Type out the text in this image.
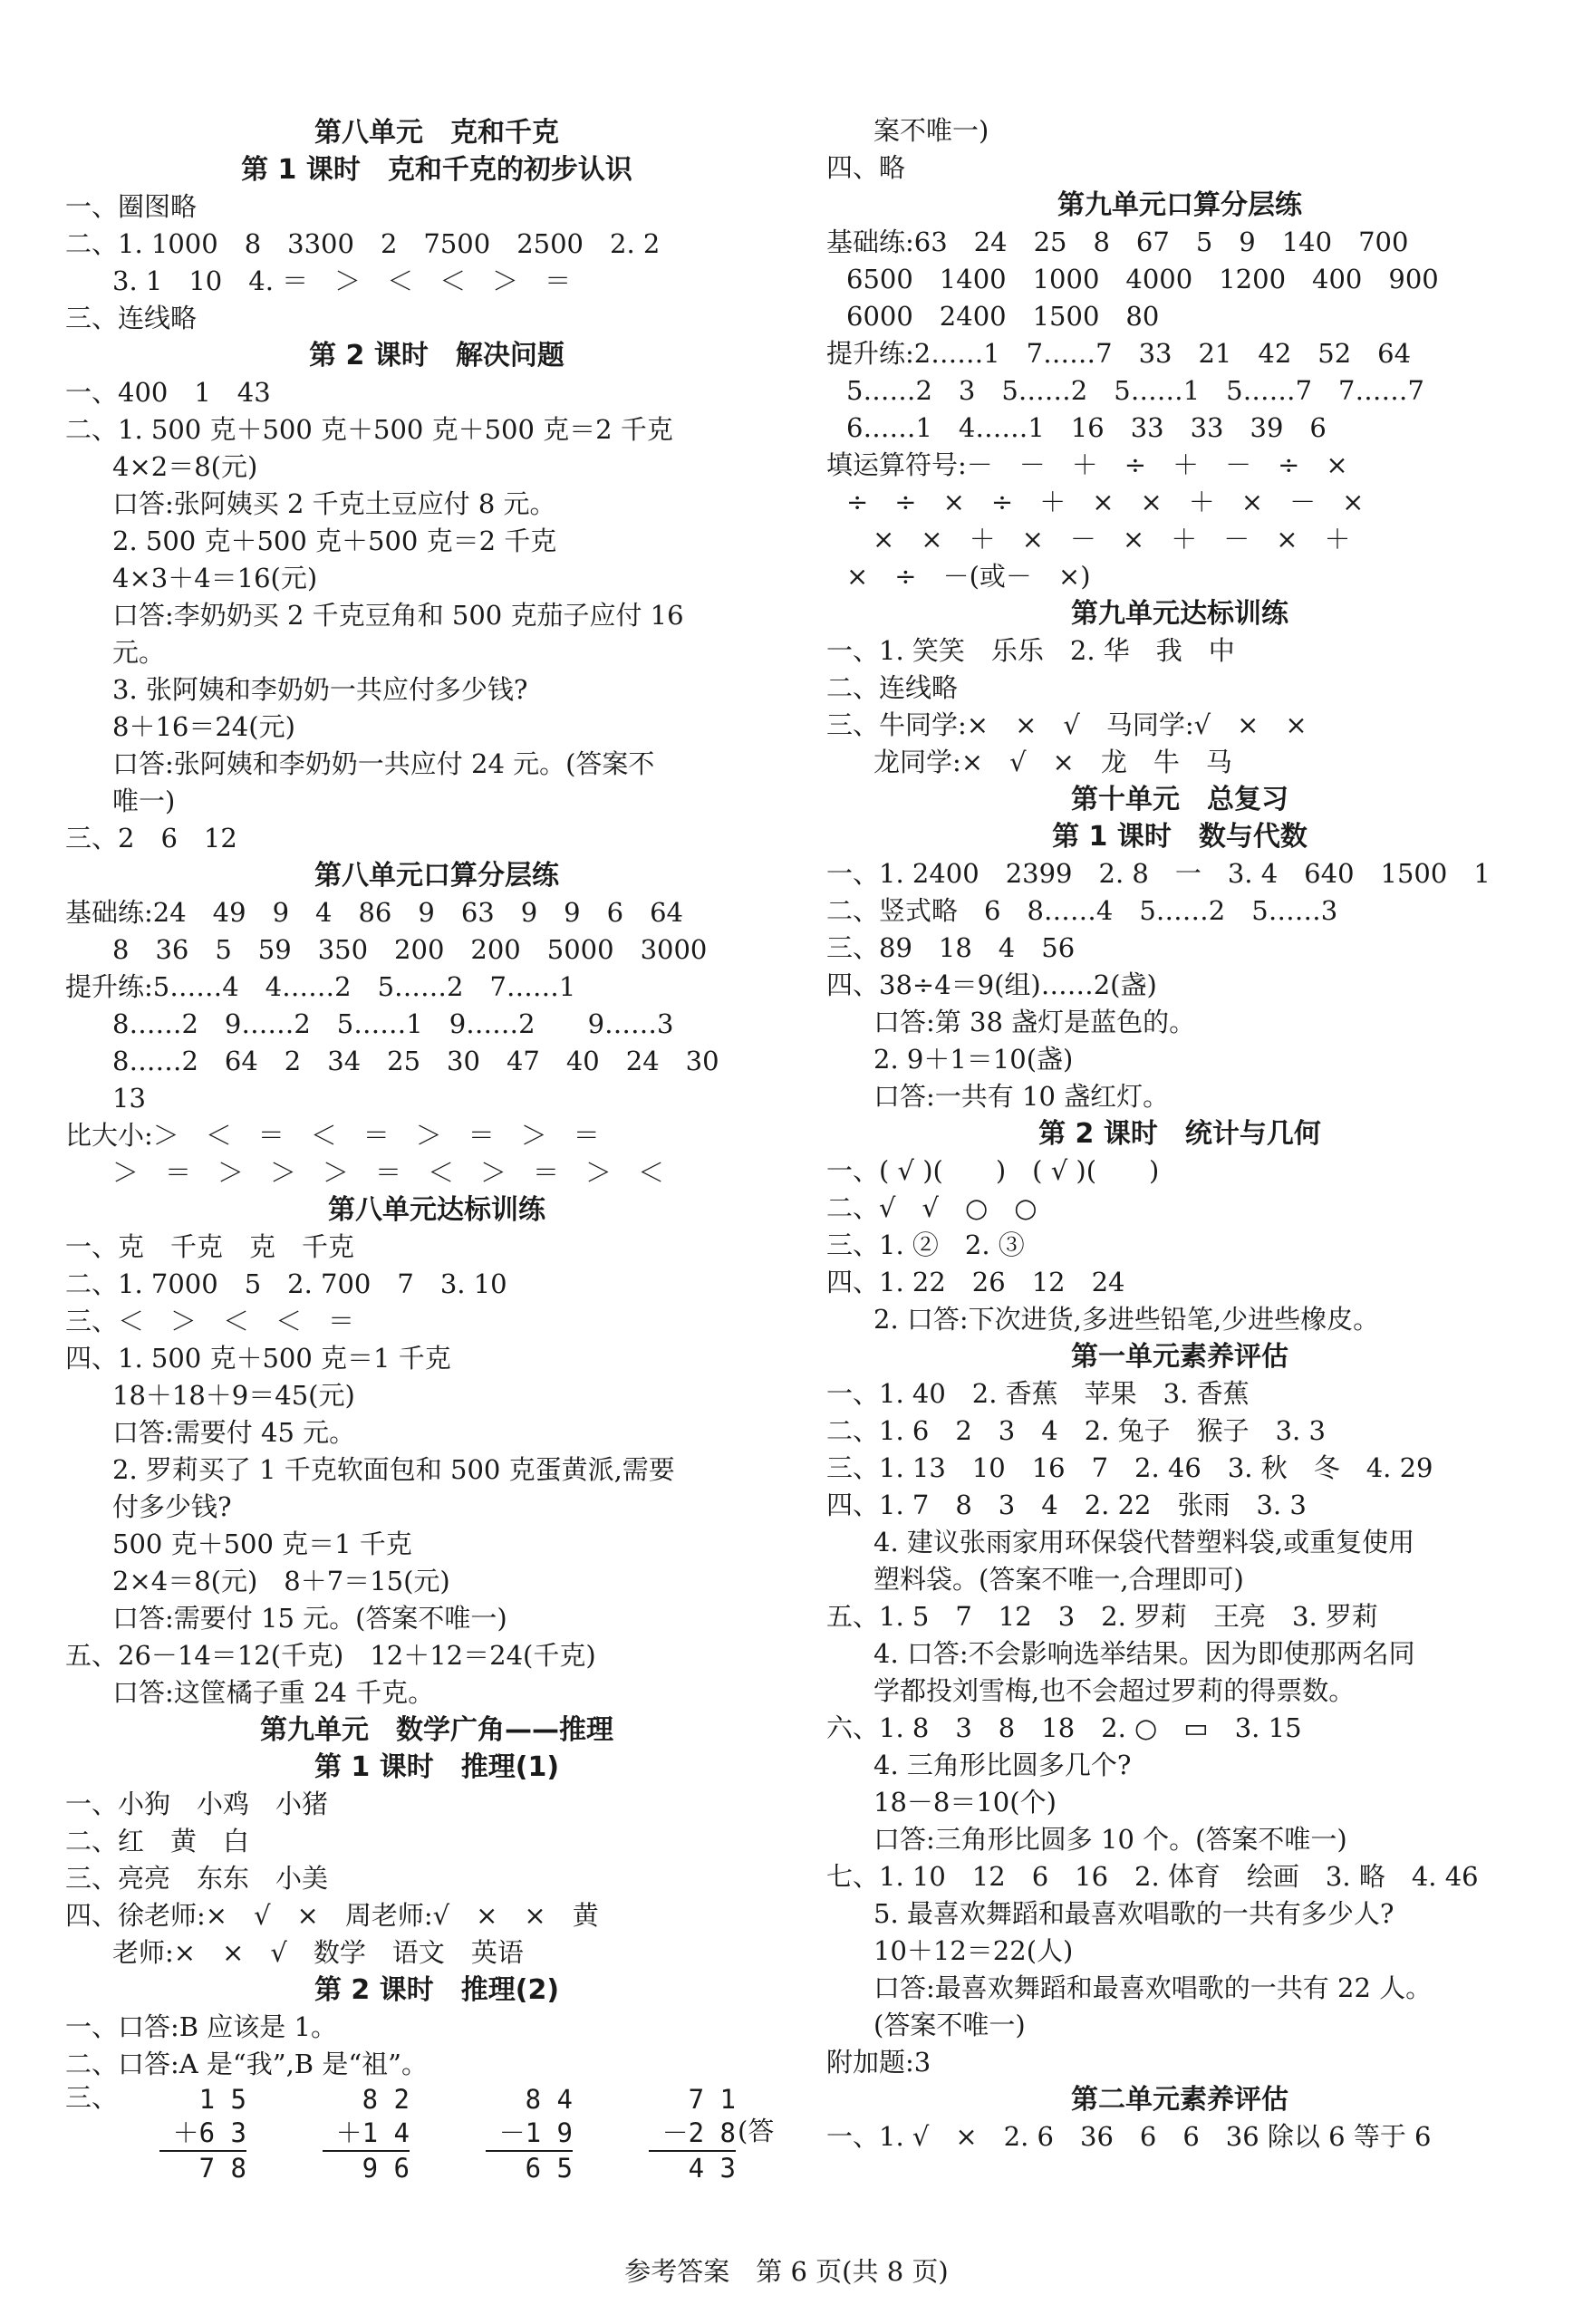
第八单元　克和千克
第 1 课时　克和千克的初步认识
一、圈图略
二、1. 1000　8　3300　2　7500　2500　2. 2
3. 1　10　4. ＝　＞　＜　＜　＞　＝
三、连线略
第 2 课时　解决问题
一、400　1　43
二、1. 500 克＋500 克＋500 克＋500 克＝2 千克
4×2＝8(元)
口答:张阿姨买 2 千克土豆应付 8 元。
2. 500 克＋500 克＋500 克＝2 千克
4×3＋4＝16(元)
口答:李奶奶买 2 千克豆角和 500 克茄子应付 16
元。
3. 张阿姨和李奶奶一共应付多少钱?
8＋16＝24(元)
口答:张阿姨和李奶奶一共应付 24 元。(答案不
唯一)
三、2　6　12
第八单元口算分层练
基础练:24　49　9　4　86　9　63　9　9　6　64
8　36　5　59　350　200　200　5000　3000
提升练:5……4　4……2　5……2　7……1
8……2　9……2　5……1　9……2　　9……3
8……2　64　2　34　25　30　47　40　24　30
13
比大小:＞　＜　＝　＜　＝　＞　＝　＞　＝
＞　＝　＞　＞　＞　＝　＜　＞　＝　＞　＜
第八单元达标训练
一、克　千克　克　千克
二、1. 7000　5　2. 700　7　3. 10
三、＜　＞　＜　＜　＝
四、1. 500 克＋500 克＝1 千克
18＋18＋9＝45(元)
口答:需要付 45 元。
2. 罗莉买了 1 千克软面包和 500 克蛋黄派,需要
付多少钱?
500 克＋500 克＝1 千克
2×4＝8(元)　8＋7＝15(元)
口答:需要付 15 元。(答案不唯一)
五、26－14＝12(千克)　12＋12＝24(千克)
口答:这筐橘子重 24 千克。
第九单元　数学广角——推理
第 1 课时　推理(1)
一、小狗　小鸡　小猪
二、红　黄　白
三、亮亮　东东　小美
四、徐老师:×　√　×　周老师:√　×　×　黄
老师:×　×　√　数学　语文　英语
第 2 课时　推理(2)
一、口答:B 应该是 1。
二、口答:A 是“我”,B 是“祖”。
三、	1 5
＋6 3
7 8
8 2
＋1 4
9 6
8 4
－1 9
6 5
7 1
－2 8
4 3
(答
案不唯一)
四、略
第九单元口算分层练
基础练:63　24　25　8　67　5　9　140　700
6500　1400　1000　4000　1200　400　900
6000　2400　1500　80
提升练:2……1　7……7　33　21　42　52　64
5……2　3　5……2　5……1　5……7　7……7
6……1　4……1　16　33　33　39　6
填运算符号:－　－　＋　÷　＋　－　÷　×
÷　÷　×　÷　＋　×　×　＋　×　－　×
　×　×　＋　×　－　×　＋　－　×　＋
×　÷　－(或－　×)
第九单元达标训练
一、1. 笑笑　乐乐　2. 华　我　中
二、连线略
三、牛同学:×　×　√　马同学:√　×　×
龙同学:×　√　×　龙　牛　马
第十单元　总复习
第 1 课时　数与代数
一、1. 2400　2399　2. 8　一　3. 4　640　1500　1
二、竖式略　6　8……4　5……2　5……3
三、89　18　4　56
四、38÷4＝9(组)……2(盏)
口答:第 38 盏灯是蓝色的。
2. 9＋1＝10(盏)
口答:一共有 10 盏红灯。
第 2 课时　统计与几何
一、( √ )(　　)　( √ )(　　)
二、√　√　○　○
三、1. ②　2. ③
四、1. 22　26　12　24
2. 口答:下次进货,多进些铅笔,少进些橡皮。
第一单元素养评估
一、1. 40　2. 香蕉　苹果　3. 香蕉
二、1. 6　2　3　4　2. 兔子　猴子　3. 3
三、1. 13　10　16　7　2. 46　3. 秋　冬　4. 29
四、1. 7　8　3　4　2. 22　张雨　3. 3
4. 建议张雨家用环保袋代替塑料袋,或重复使用
塑料袋。(答案不唯一,合理即可)
五、1. 5　7　12　3　2. 罗莉　王亮　3. 罗莉
4. 口答:不会影响选举结果。因为即使那两名同
学都投刘雪梅,也不会超过罗莉的得票数。
六、1. 8　3　8　18　2. ○　▭　3. 15
4. 三角形比圆多几个?
18－8＝10(个)
口答:三角形比圆多 10 个。(答案不唯一)
七、1. 10　12　6　16　2. 体育　绘画　3. 略　4. 46
5. 最喜欢舞蹈和最喜欢唱歌的一共有多少人?
10＋12＝22(人)
口答:最喜欢舞蹈和最喜欢唱歌的一共有 22 人。
(答案不唯一)
附加题:3
第二单元素养评估
一、1. √　×　2. 6　36　6　6　36 除以 6 等于 6
参考答案　第 6 页(共 8 页)
